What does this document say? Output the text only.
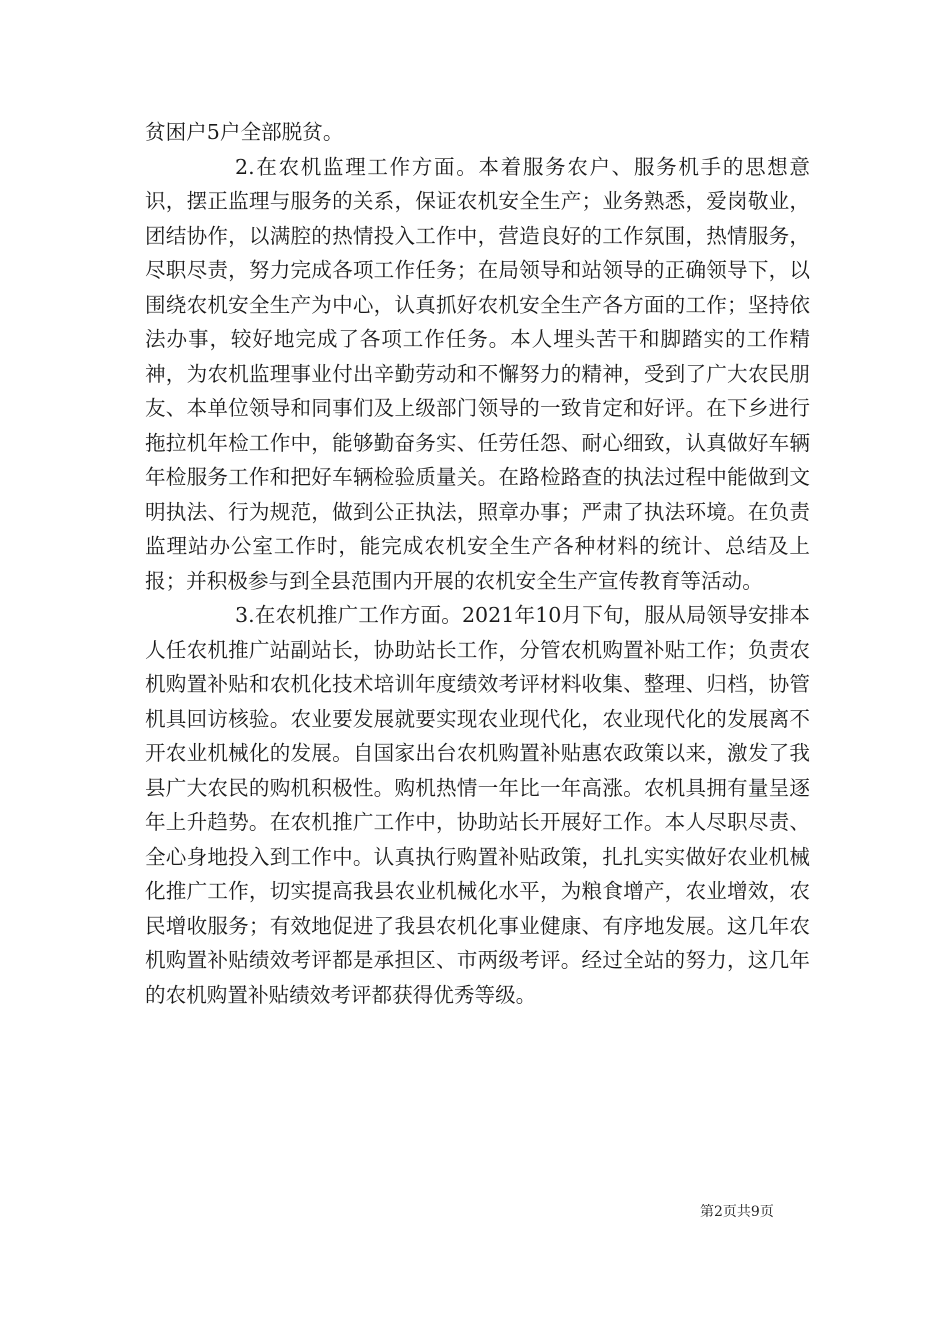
贫困户5户全部脱贫。

2.在农机监理工作方面。本着服务农户、服务机手的思想意识，摆正监理与服务的关系，保证农机安全生产；业务熟悉，爱岗敬业，团结协作，以满腔的热情投入工作中，营造良好的工作氛围，热情服务，尽职尽责，努力完成各项工作任务；在局领导和站领导的正确领导下，以围绕农机安全生产为中心，认真抓好农机安全生产各方面的工作；坚持依法办事，较好地完成了各项工作任务。本人埋头苦干和脚踏实的工作精神，为农机监理事业付出辛勤劳动和不懈努力的精神，受到了广大农民朋友、本单位领导和同事们及上级部门领导的一致肯定和好评。在下乡进行拖拉机年检工作中，能够勤奋务实、任劳任怨、耐心细致，认真做好车辆年检服务工作和把好车辆检验质量关。在路检路查的执法过程中能做到文明执法、行为规范，做到公正执法，照章办事；严肃了执法环境。在负责监理站办公室工作时，能完成农机安全生产各种材料的统计、总结及上报；并积极参与到全县范围内开展的农机安全生产宣传教育等活动。

3.在农机推广工作方面。2021年10月下旬，服从局领导安排本人任农机推广站副站长，协助站长工作，分管农机购置补贴工作；负责农机购置补贴和农机化技术培训年度绩效考评材料收集、整理、归档，协管机具回访核验。农业要发展就要实现农业现代化，农业现代化的发展离不开农业机械化的发展。自国家出台农机购置补贴惠农政策以来，激发了我县广大农民的购机积极性。购机热情一年比一年高涨。农机具拥有量呈逐年上升趋势。在农机推广工作中，协助站长开展好工作。本人尽职尽责、全心身地投入到工作中。认真执行购置补贴政策，扎扎实实做好农业机械化推广工作，切实提高我县农业机械化水平，为粮食增产，农业增效，农民增收服务；有效地促进了我县农机化事业健康、有序地发展。这几年农机购置补贴绩效考评都是承担区、市两级考评。经过全站的努力，这几年的农机购置补贴绩效考评都获得优秀等级。

第2页共9页
